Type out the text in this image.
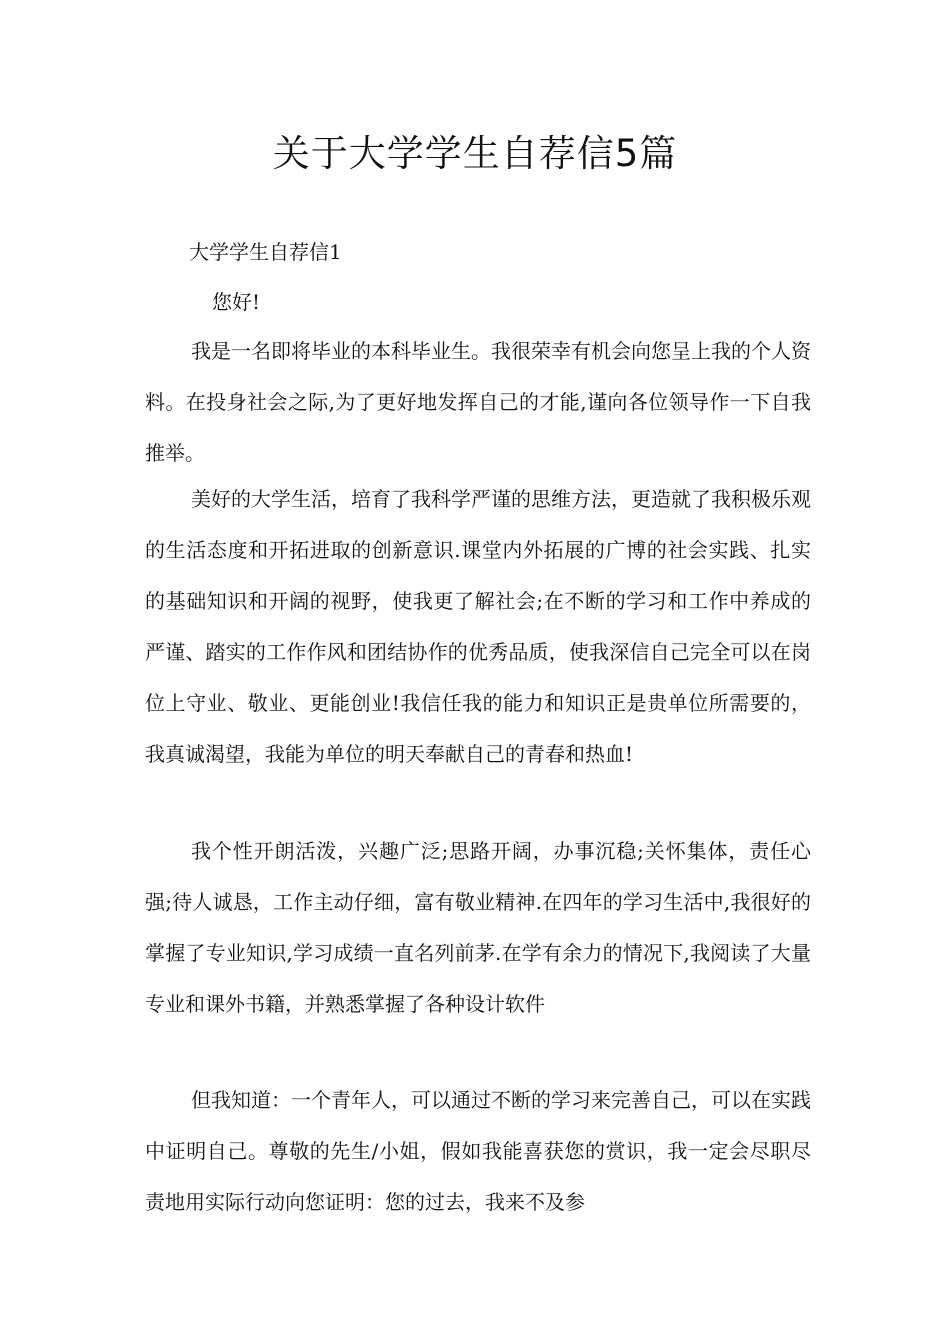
关于大学学生自荐信5篇
大学学生自荐信1
您好!

我是一名即将毕业的本科毕业生。我很荣幸有机会向您呈上我的个人资料。在投身社会之际,为了更好地发挥自己的才能,谨向各位领导作一下自我推举。

美好的大学生活，培育了我科学严谨的思维方法，更造就了我积极乐观的生活态度和开拓进取的创新意识.课堂内外拓展的广博的社会实践、扎实的基础知识和开阔的视野，使我更了解社会;在不断的学习和工作中养成的严谨、踏实的工作作风和团结协作的优秀品质，使我深信自己完全可以在岗位上守业、敬业、更能创业!我信任我的能力和知识正是贵单位所需要的，我真诚渴望，我能为单位的明天奉献自己的青春和热血!

我个性开朗活泼，兴趣广泛;思路开阔，办事沉稳;关怀集体，责任心强;待人诚恳，工作主动仔细，富有敬业精神.在四年的学习生活中,我很好的掌握了专业知识,学习成绩一直名列前茅.在学有余力的情况下,我阅读了大量专业和课外书籍，并熟悉掌握了各种设计软件

但我知道：一个青年人，可以通过不断的学习来完善自己，可以在实践中证明自己。尊敬的先生/小姐，假如我能喜获您的赏识，我一定会尽职尽责地用实际行动向您证明：您的过去，我来不及参
